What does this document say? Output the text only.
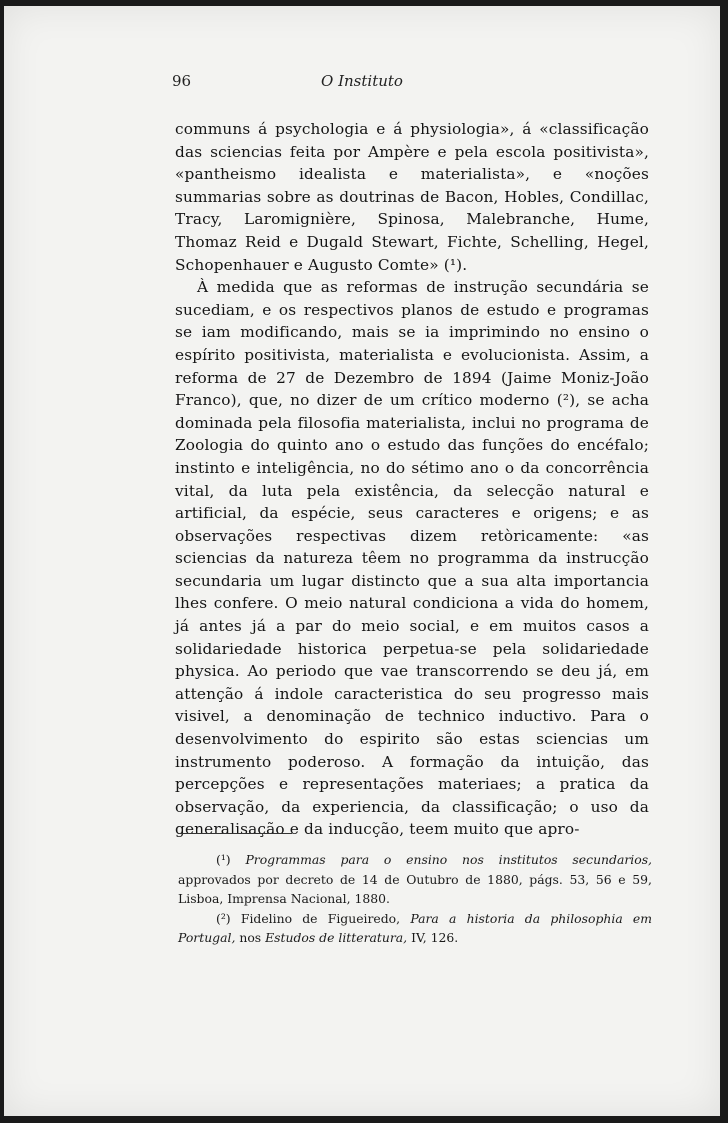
96	O Instituto

communs á psychologia e á physiologia», á «classificação das sciencias feita por Ampère e pela escola positivista», «pantheismo idealista e materialista», e «noções summarias sobre as doutrinas de Bacon, Hobles, Condillac, Tracy, Laromignière, Spinosa, Malebranche, Hume, Thomaz Reid e Dugald Stewart, Fichte, Schelling, Hegel, Schopenhauer e Augusto Comte» (¹).

À medida que as reformas de instrução secundária se sucediam, e os respectivos planos de estudo e programas se iam modificando, mais se ia imprimindo no ensino o espírito positivista, materialista e evolucionista. Assim, a reforma de 27 de Dezembro de 1894 (Jaime Moniz-João Franco), que, no dizer de um crítico moderno (²), se acha dominada pela filosofia materialista, inclui no programa de Zoologia do quinto ano o estudo das funções do encéfalo; instinto e inteligência, no do sétimo ano o da concorrência vital, da luta pela existência, da selecção natural e artificial, da espécie, seus caracteres e origens; e as observações respectivas dizem retòricamente: «as sciencias da natureza têem no programma da instrucção secundaria um lugar distincto que a sua alta importancia lhes confere. O meio natural condiciona a vida do homem, já antes já a par do meio social, e em muitos casos a solidariedade historica perpetua-se pela solidariedade physica. Ao periodo que vae transcorrendo se deu já, em attenção á indole caracteristica do seu progresso mais visivel, a denominação de technico inductivo. Para o desenvolvimento do espirito são estas sciencias um instrumento poderoso. A formação da intuição, das percepções e representações materiaes; a pratica da observação, da experiencia, da classificação; o uso da generalisação e da inducção, teem muito que apro-

(¹) Programmas para o ensino nos institutos secundarios, approvados por decreto de 14 de Outubro de 1880, págs. 53, 56 e 59, Lisboa, Imprensa Nacional, 1880.

(²) Fidelino de Figueiredo, Para a historia da philosophia em Portugal, nos Estudos de litteratura, IV, 126.
